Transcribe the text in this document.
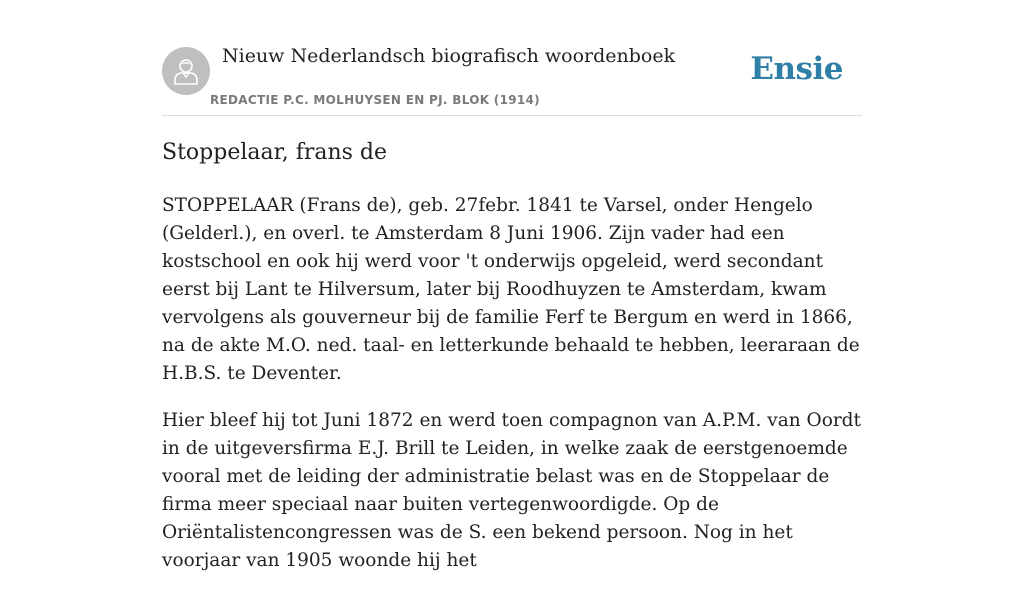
Nieuw Nederlandsch biografisch woordenboek
REDACTIE P.C. MOLHUYSEN EN PJ. BLOK (1914)
Ensie
Stoppelaar, frans de

STOPPELAAR (Frans de), geb. 27febr. 1841 te Varsel, onder Hengelo (Gelderl.), en overl. te Amsterdam 8 Juni 1906. Zijn vader had een kostschool en ook hij werd voor 't onderwijs opgeleid, werd secondant eerst bij Lant te Hilversum, later bij Roodhuyzen te Amsterdam, kwam vervolgens als gouverneur bij de familie Ferf te Bergum en werd in 1866, na de akte M.O. ned. taal- en letterkunde behaald te hebben, leeraraan de H.B.S. te Deventer.

Hier bleef hij tot Juni 1872 en werd toen compagnon van A.P.M. van Oordt in de uitgeversfirma E.J. Brill te Leiden, in welke zaak de eerstgenoemde vooral met de leiding der administratie belast was en de Stoppelaar de firma meer speciaal naar buiten vertegenwoordigde. Op de Oriëntalistencongressen was de S. een bekend persoon. Nog in het voorjaar van 1905 woonde hij het
